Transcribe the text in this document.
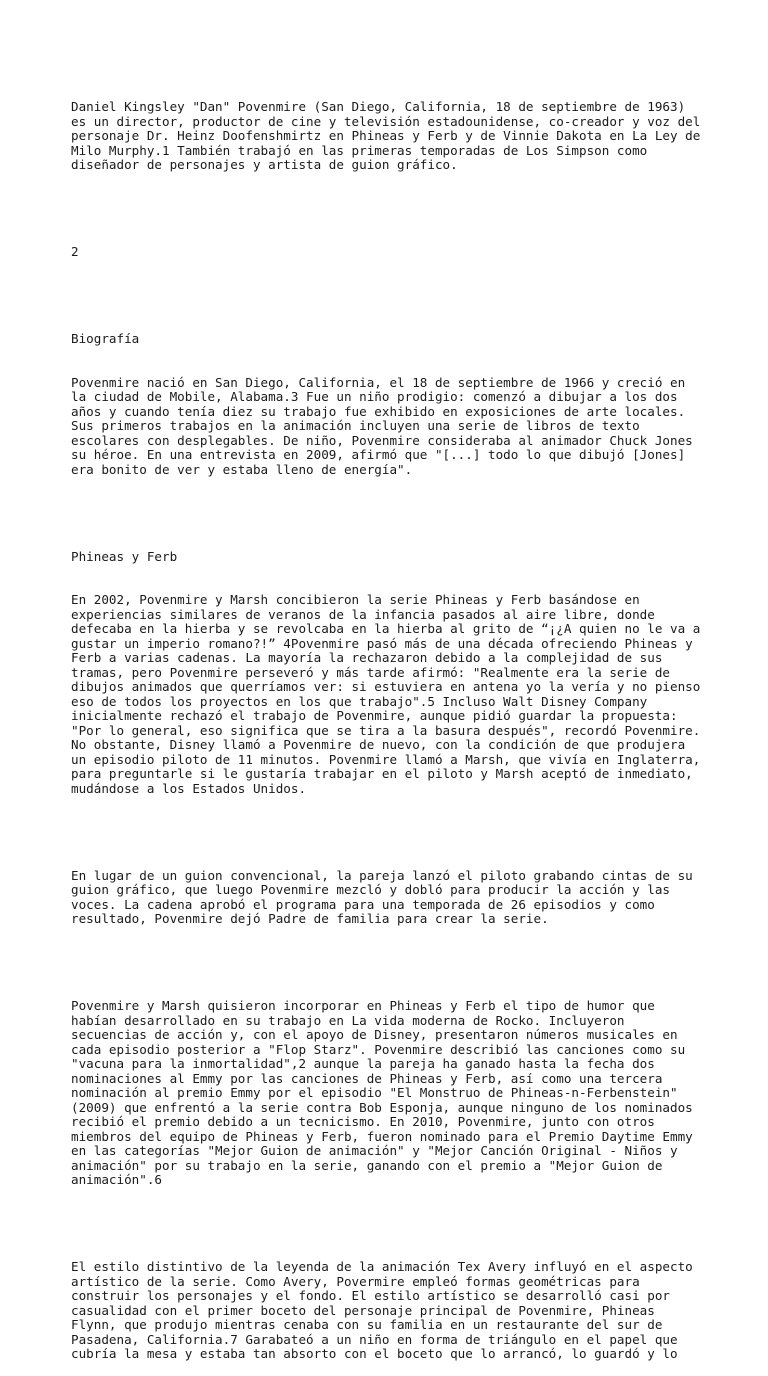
Daniel Kingsley "Dan" Povenmire (San Diego, California, 18 de septiembre de 1963)
es un director, productor de cine y televisión estadounidense, co-creador y voz del
personaje Dr. Heinz Doofenshmirtz en Phineas y Ferb y de Vinnie Dakota en La Ley de
Milo Murphy.1 También trabajó en las primeras temporadas de Los Simpson como
diseñador de personajes y artista de guion gráfico.

2

Biografía

Povenmire nació en San Diego, California, el 18 de septiembre de 1966 y creció en
la ciudad de Mobile, Alabama.3 Fue un niño prodigio: comenzó a dibujar a los dos
años y cuando tenía diez su trabajo fue exhibido en exposiciones de arte locales.
Sus primeros trabajos en la animación incluyen una serie de libros de texto
escolares con desplegables. De niño, Povenmire consideraba al animador Chuck Jones
su héroe. En una entrevista en 2009, afirmó que "[...] todo lo que dibujó [Jones]
era bonito de ver y estaba lleno de energía".

Phineas y Ferb

En 2002, Povenmire y Marsh concibieron la serie Phineas y Ferb basándose en
experiencias similares de veranos de la infancia pasados al aire libre, donde
defecaba en la hierba y se revolcaba en la hierba al grito de “¡¿A quien no le va a
gustar un imperio romano?!” 4Povenmire pasó más de una década ofreciendo Phineas y
Ferb a varias cadenas. La mayoría la rechazaron debido a la complejidad de sus
tramas, pero Povenmire perseveró y más tarde afirmó: "Realmente era la serie de
dibujos animados que querríamos ver: si estuviera en antena yo la vería y no pienso
eso de todos los proyectos en los que trabajo".5 Incluso Walt Disney Company
inicialmente rechazó el trabajo de Povenmire, aunque pidió guardar la propuesta:
"Por lo general, eso significa que se tira a la basura después", recordó Povenmire.
No obstante, Disney llamó a Povenmire de nuevo, con la condición de que produjera
un episodio piloto de 11 minutos. Povenmire llamó a Marsh, que vivía en Inglaterra,
para preguntarle si le gustaría trabajar en el piloto y Marsh aceptó de inmediato,
mudándose a los Estados Unidos.

En lugar de un guion convencional, la pareja lanzó el piloto grabando cintas de su
guion gráfico, que luego Povenmire mezcló y dobló para producir la acción y las
voces. La cadena aprobó el programa para una temporada de 26 episodios y como
resultado, Povenmire dejó Padre de familia para crear la serie.

Povenmire y Marsh quisieron incorporar en Phineas y Ferb el tipo de humor que
habían desarrollado en su trabajo en La vida moderna de Rocko. Incluyeron
secuencias de acción y, con el apoyo de Disney, presentaron números musicales en
cada episodio posterior a "Flop Starz". Povenmire describió las canciones como su
"vacuna para la inmortalidad",2 aunque la pareja ha ganado hasta la fecha dos
nominaciones al Emmy por las canciones de Phineas y Ferb, así como una tercera
nominación al premio Emmy por el episodio "El Monstruo de Phineas-n-Ferbenstein"
(2009) que enfrentó a la serie contra Bob Esponja, aunque ninguno de los nominados
recibió el premio debido a un tecnicismo. En 2010, Povenmire, junto con otros
miembros del equipo de Phineas y Ferb, fueron nominado para el Premio Daytime Emmy
en las categorías "Mejor Guion de animación" y "Mejor Canción Original - Niños y
animación" por su trabajo en la serie, ganando con el premio a "Mejor Guion de
animación".6

El estilo distintivo de la leyenda de la animación Tex Avery influyó en el aspecto
artístico de la serie. Como Avery, Povermire empleó formas geométricas para
construir los personajes y el fondo. El estilo artístico se desarrolló casi por
casualidad con el primer boceto del personaje principal de Povenmire, Phineas
Flynn, que produjo mientras cenaba con su familia en un restaurante del sur de
Pasadena, California.7 Garabateó a un niño en forma de triángulo en el papel que
cubría la mesa y estaba tan absorto con el boceto que lo arrancó, lo guardó y lo
